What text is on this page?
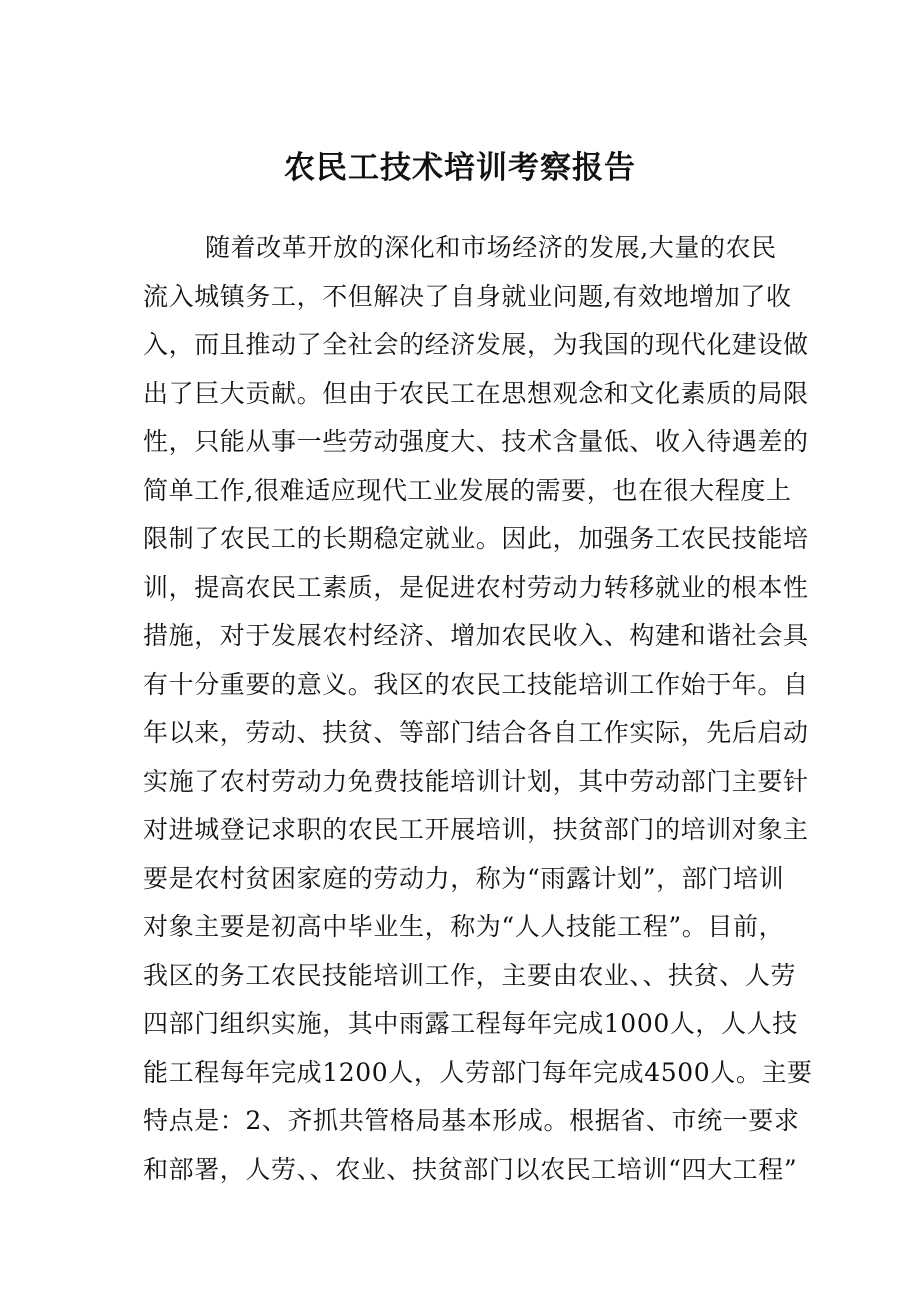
农民工技术培训考察报告
随着改革开放的深化和市场经济的发展,大量的农民
流入城镇务工，不但解决了自身就业问题,有效地增加了收
入，而且推动了全社会的经济发展，为我国的现代化建设做
出了巨大贡献。但由于农民工在思想观念和文化素质的局限
性，只能从事一些劳动强度大、技术含量低、收入待遇差的
简单工作,很难适应现代工业发展的需要，也在很大程度上
限制了农民工的长期稳定就业。因此，加强务工农民技能培
训，提高农民工素质，是促进农村劳动力转移就业的根本性
措施，对于发展农村经济、增加农民收入、构建和谐社会具
有十分重要的意义。我区的农民工技能培训工作始于年。自
年以来，劳动、扶贫、等部门结合各自工作实际，先后启动
实施了农村劳动力免费技能培训计划，其中劳动部门主要针
对进城登记求职的农民工开展培训，扶贫部门的培训对象主
要是农村贫困家庭的劳动力，称为“雨露计划”，部门培训
对象主要是初高中毕业生，称为“人人技能工程”。目前，
我区的务工农民技能培训工作，主要由农业、、扶贫、人劳
四部门组织实施，其中雨露工程每年完成1000人，人人技
能工程每年完成1200人，人劳部门每年完成4500人。主要
特点是：2、齐抓共管格局基本形成。根据省、市统一要求
和部署，人劳、、农业、扶贫部门以农民工培训“四大工程”
